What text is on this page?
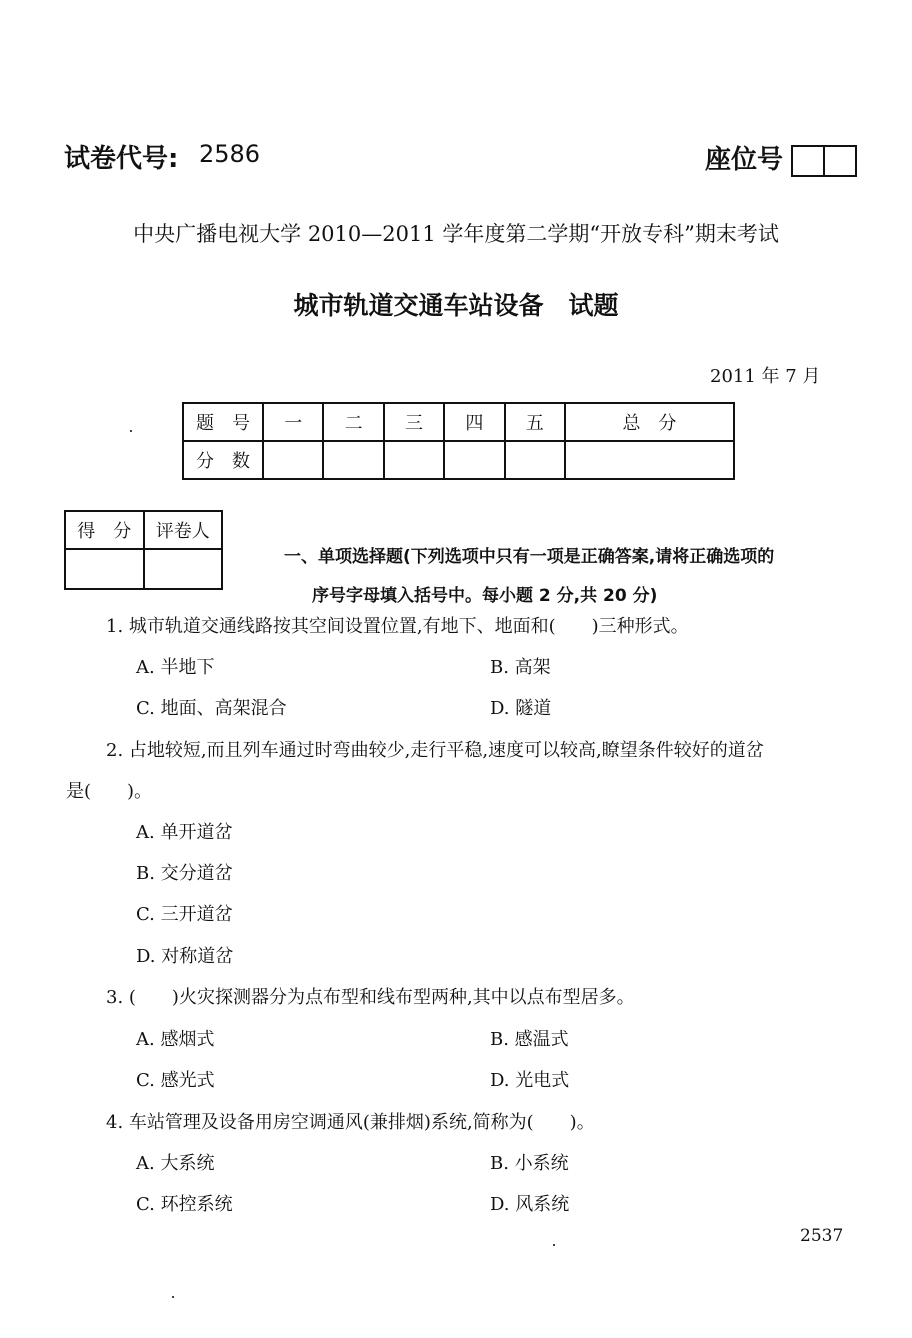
试卷代号: 2586	座位号
中央广播电视大学 2010—2011 学年度第二学期“开放专科”期末考试
城市轨道交通车站设备　试题
2011 年 7 月
题　号	一	二	三	四	五	总　分
分　数						
得　分	评卷人

一、单项选择题(下列选项中只有一项是正确答案,请将正确选项的
序号字母填入括号中。每小题 2 分,共 20 分)
1. 城市轨道交通线路按其空间设置位置,有地下、地面和(　　)三种形式。
A. 半地下	B. 高架
C. 地面、高架混合	D. 隧道
2. 占地较短,而且列车通过时弯曲较少,走行平稳,速度可以较高,瞭望条件较好的道岔
是(　　)。
A. 单开道岔
B. 交分道岔
C. 三开道岔
D. 对称道岔
3. (　　)火灾探测器分为点布型和线布型两种,其中以点布型居多。
A. 感烟式	B. 感温式
C. 感光式	D. 光电式
4. 车站管理及设备用房空调通风(兼排烟)系统,简称为(　　)。
A. 大系统	B. 小系统
C. 环控系统	D. 风系统
2537
